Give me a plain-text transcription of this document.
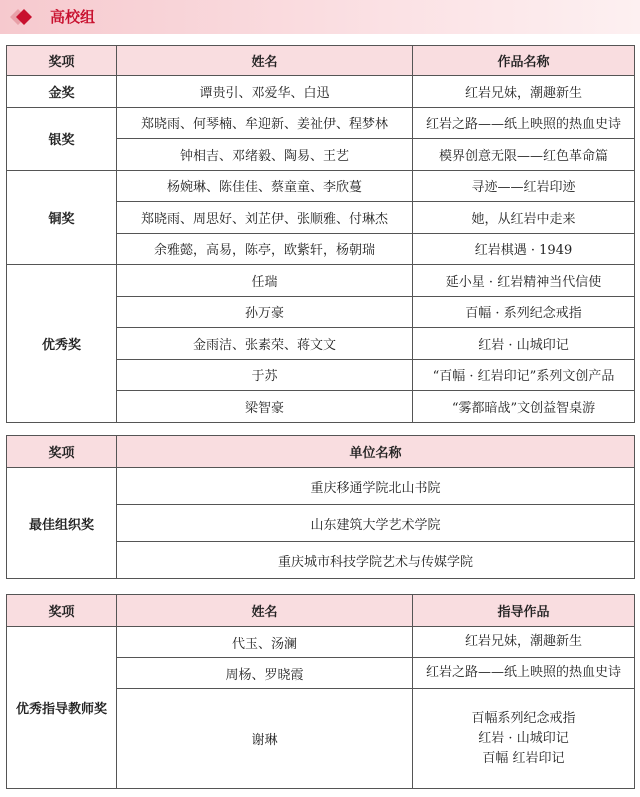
高校组
奖项	姓名	作品名称
金奖	谭贵引、邓爱华、白迅	红岩兄妹，潮趣新生
银奖	郑晓雨、何琴楠、牟迎新、姜祉伊、程梦林	红岩之路——纸上映照的热血史诗
	钟相吉、邓绪毅、陶易、王艺	模界创意无限——红色革命篇
铜奖	杨婉琳、陈佳佳、蔡童童、李欣蔓	寻迹——红岩印迹
	郑晓雨、周思好、刘芷伊、张顺雅、付琳杰	她，从红岩中走来
	余雅懿，高易，陈亭，欧紫轩，杨朝瑞	红岩棋遇 · 1949
优秀奖	任瑞	延小星 · 红岩精神当代信使
	孙万豪	百幅 · 系列纪念戒指
	金雨洁、张素荣、蒋文文	红岩 · 山城印记
	于苏	“百幅 · 红岩印记”系列文创产品
	梁智豪	“雾都暗战”文创益智桌游
奖项	单位名称
最佳组织奖	重庆移通学院北山书院
	山东建筑大学艺术学院
	重庆城市科技学院艺术与传媒学院
奖项	姓名	指导作品
优秀指导教师奖	代玉、汤澜	红岩兄妹，潮趣新生

	周杨、罗晓霞	红岩之路——纸上映照的热血史诗

	谢琳	百幅系列纪念戒指
红岩 · 山城印记
百幅 红岩印记
